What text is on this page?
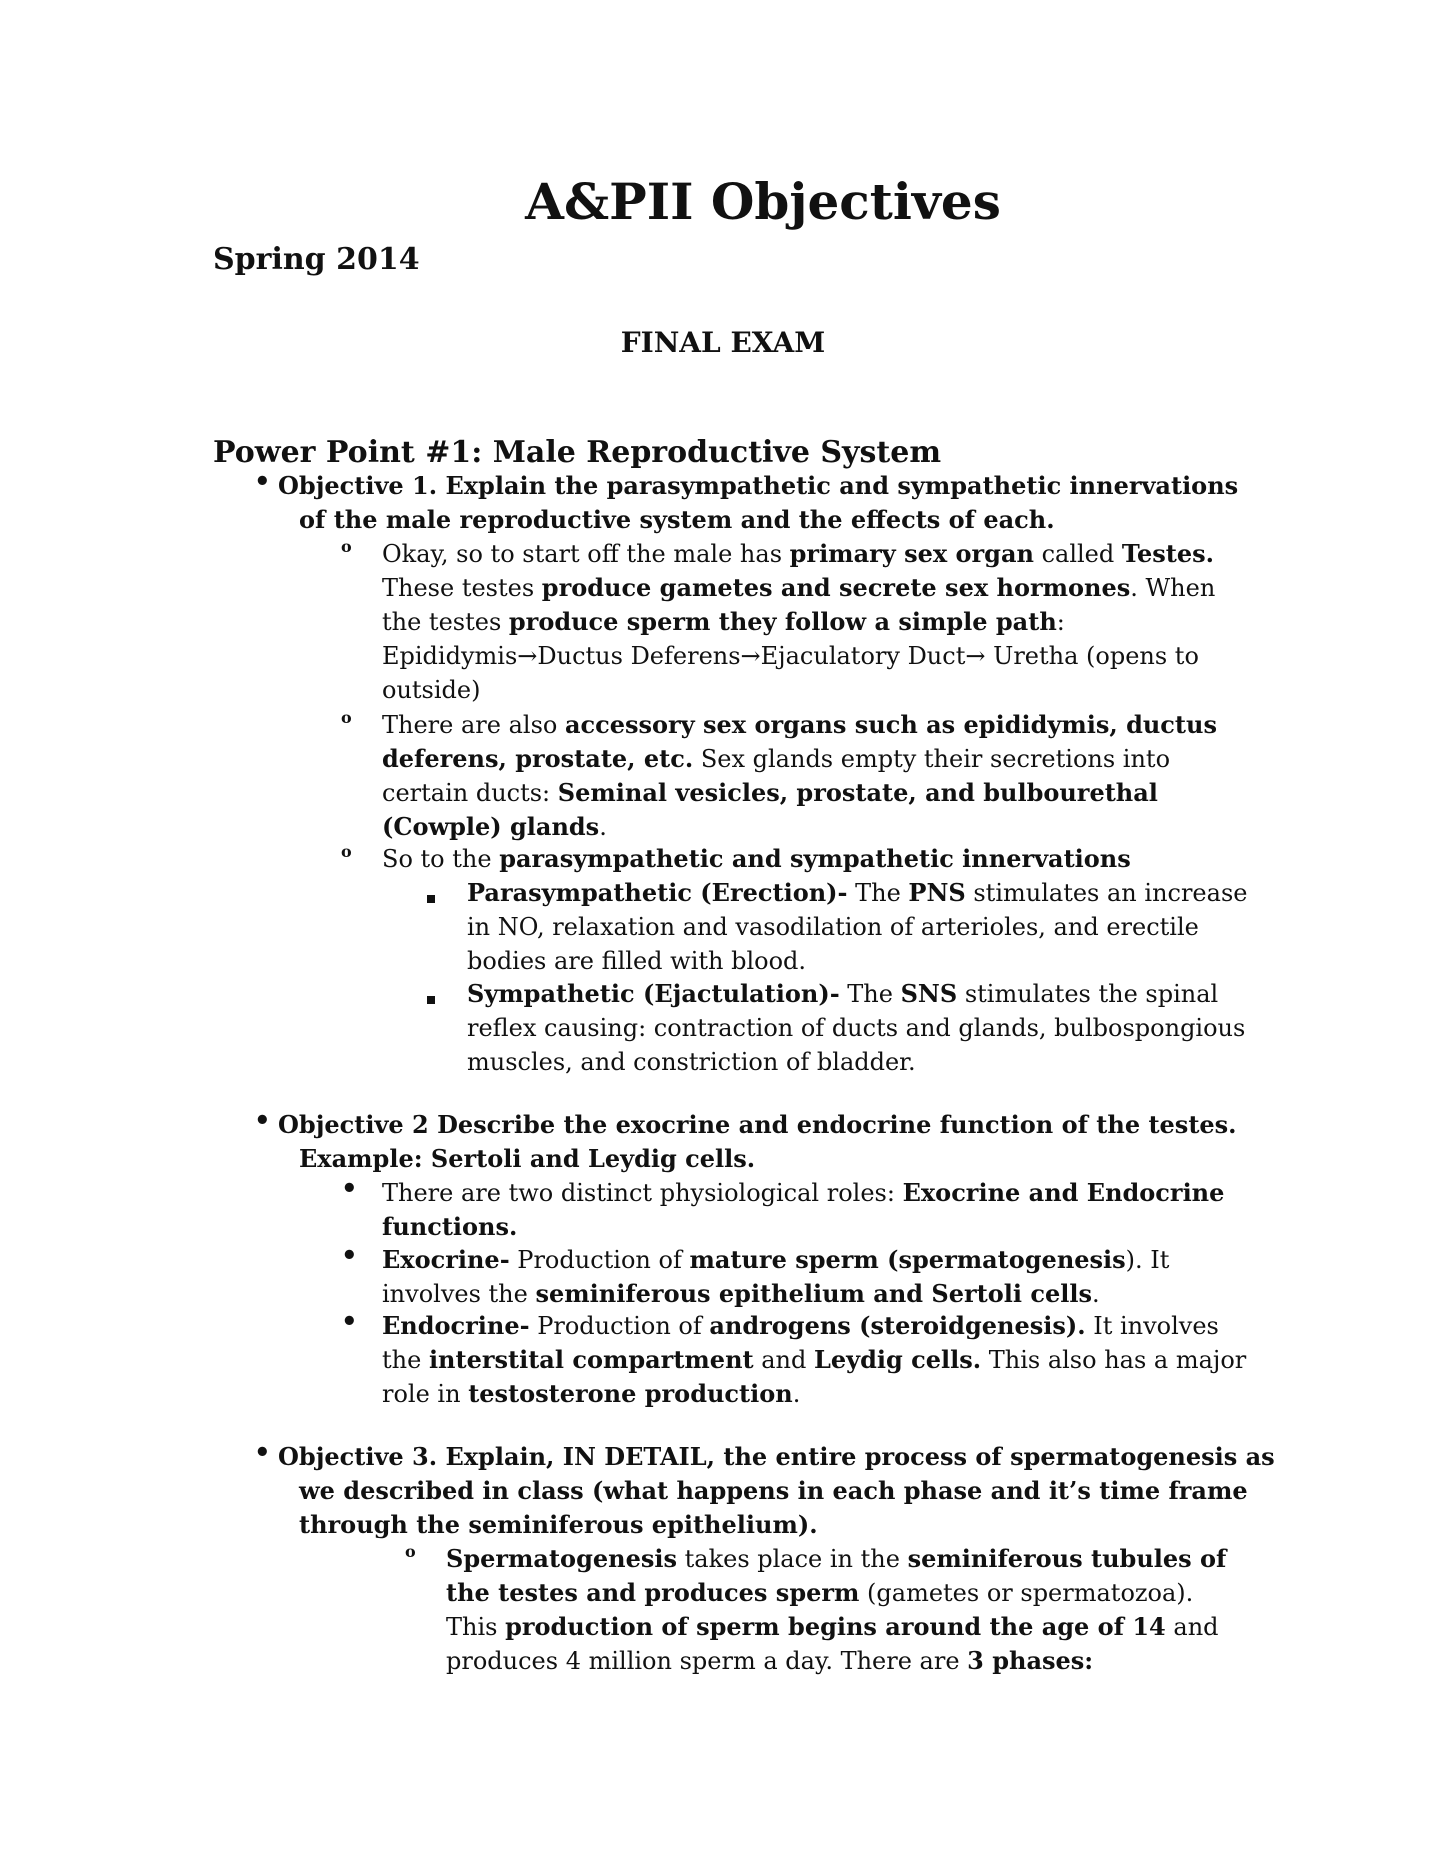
A&PII Objectives
Spring 2014
FINAL EXAM
Power Point #1: Male Reproductive System
• Objective 1. Explain the parasympathetic and sympathetic innervations
of the male reproductive system and the effects of each.
o Okay, so to start off the male has primary sex organ called Testes.
These testes produce gametes and secrete sex hormones. When
the testes produce sperm they follow a simple path:
Epididymis→Ductus Deferens→Ejaculatory Duct→ Uretha (opens to
outside)
o There are also accessory sex organs such as epididymis, ductus
deferens, prostate, etc. Sex glands empty their secretions into
certain ducts: Seminal vesicles, prostate, and bulbourethal
(Cowple) glands.
o So to the parasympathetic and sympathetic innervations
Parasympathetic (Erection)- The PNS stimulates an increase
in NO, relaxation and vasodilation of arterioles, and erectile
bodies are filled with blood.
Sympathetic (Ejactulation)- The SNS stimulates the spinal
reflex causing: contraction of ducts and glands, bulbospongious
muscles, and constriction of bladder.
• Objective 2 Describe the exocrine and endocrine function of the testes.
Example: Sertoli and Leydig cells.
• There are two distinct physiological roles: Exocrine and Endocrine
functions.
• Exocrine- Production of mature sperm (spermatogenesis). It
involves the seminiferous epithelium and Sertoli cells.
• Endocrine- Production of androgens (steroidgenesis). It involves
the interstital compartment and Leydig cells. This also has a major
role in testosterone production.
• Objective 3. Explain, IN DETAIL, the entire process of spermatogenesis as
we described in class (what happens in each phase and it’s time frame
through the seminiferous epithelium).
o Spermatogenesis takes place in the seminiferous tubules of
the testes and produces sperm (gametes or spermatozoa).
This production of sperm begins around the age of 14 and
produces 4 million sperm a day. There are 3 phases:
